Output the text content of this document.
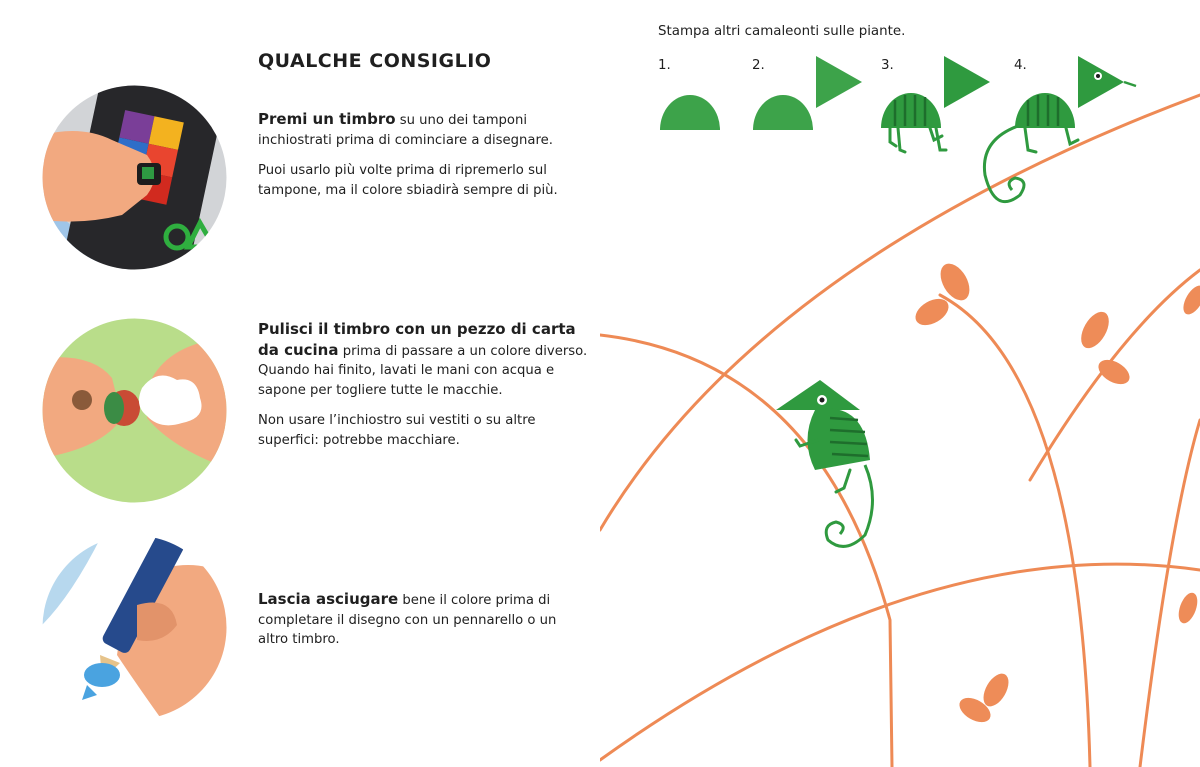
QUALCHE CONSIGLIO

Premi un timbro su uno dei tamponi inchiostrati prima di cominciare a disegnare.

Puoi usarlo più volte prima di ripremerlo sul tampone, ma il colore sbiadirà sempre di più.

Pulisci il timbro con un pezzo di carta da cucina prima di passare a un colore diverso. Quando hai finito, lavati le mani con acqua e sapone per togliere tutte le macchie.

Non usare l’inchiostro sui vestiti o su altre superfici: potrebbe macchiare.

Lascia asciugare bene il colore prima di completare il disegno con un pennarello o un altro timbro.

Stampa altri camaleonti sulle piante.
1.	2.	3.	4.
